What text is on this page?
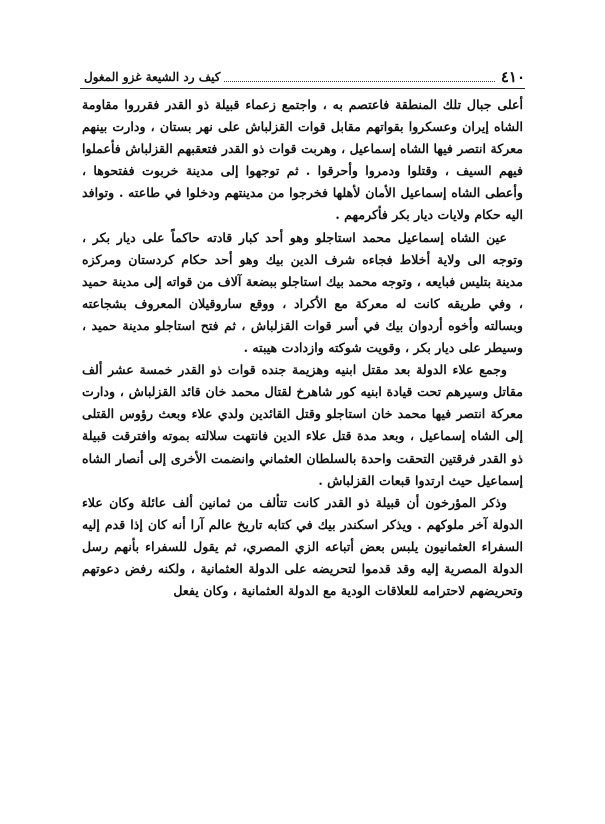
٤١٠
كيف رد الشيعة غزو المغول

أعلى جبال تلك المنطقة فاعتصم به ، واجتمع زعماء قبيلة ذو القدر فقرروا مقاومة الشاه إيران وعسكروا بقواتهم مقابل قوات القزلباش على نهر بستان ، ودارت بينهم معركة انتصر فيها الشاه إسماعيل ، وهربت قوات ذو القدر فتعقبهم القزلباش فأعملوا فيهم السيف ، وقتلوا ودمروا وأحرقوا . ثم توجهوا إلى مدينة خربوت ففتحوها ، وأعطى الشاه إسماعيل الأمان لأهلها فخرجوا من مدينتهم ودخلوا في طاعته . وتوافد اليه حكام ولايات ديار بكر فأكرمهم .

عين الشاه إسماعيل محمد استاجلو وهو أحد كبار قادته حاكماً على ديار بكر ، وتوجه الى ولاية أخلاط فجاءه شرف الدين بيك وهو أحد حكام كردستان ومركزه مدينة بتليس فبايعه ، وتوجه محمد بيك استاجلو ببضعة آلاف من قواته إلى مدينة حميد ، وفي طريقه كانت له معركة مع الأكراد ، ووقع ساروقيلان المعروف بشجاعته وبسالته وأخوه أردوان بيك في أسر قوات القزلباش ، ثم فتح استاجلو مدينة حميد ، وسيطر على ديار بكر ، وقويت شوكته وازدادت هيبته .

وجمع علاء الدولة بعد مقتل ابنيه وهزيمة جنده قوات ذو القدر خمسة عشر ألف مقاتل وسيرهم تحت قيادة ابنيه كور شاهرخ لقتال محمد خان قائد القزلباش ، ودارت معركة انتصر فيها محمد خان استاجلو وقتل القائدين ولدي علاء وبعث رؤوس القتلى إلى الشاه إسماعيل ، وبعد مدة قتل علاء الدين فانتهت سلالته بموته وافترقت قبيلة ذو القدر فرقتين التحقت واحدة بالسلطان العثماني وانضمت الأخرى إلى أنصار الشاه إسماعيل حيث ارتدوا قبعات القزلباش .

وذكر المؤرخون أن قبيلة ذو القدر كانت تتألف من ثمانين ألف عائلة وكان علاء الدولة آخر ملوكهم . ويذكر اسكندر بيك في كتابه تاريخ عالم آرا أنه كان إذا قدم إليه السفراء العثمانيون يلبس بعض أتباعه الزي المصري، ثم يقول للسفراء بأنهم رسل الدولة المصرية إليه وقد قدموا لتحريضه على الدولة العثمانية ، ولكنه رفض دعوتهم وتحريضهم لاحترامه للعلاقات الودية مع الدولة العثمانية ، وكان يفعل
